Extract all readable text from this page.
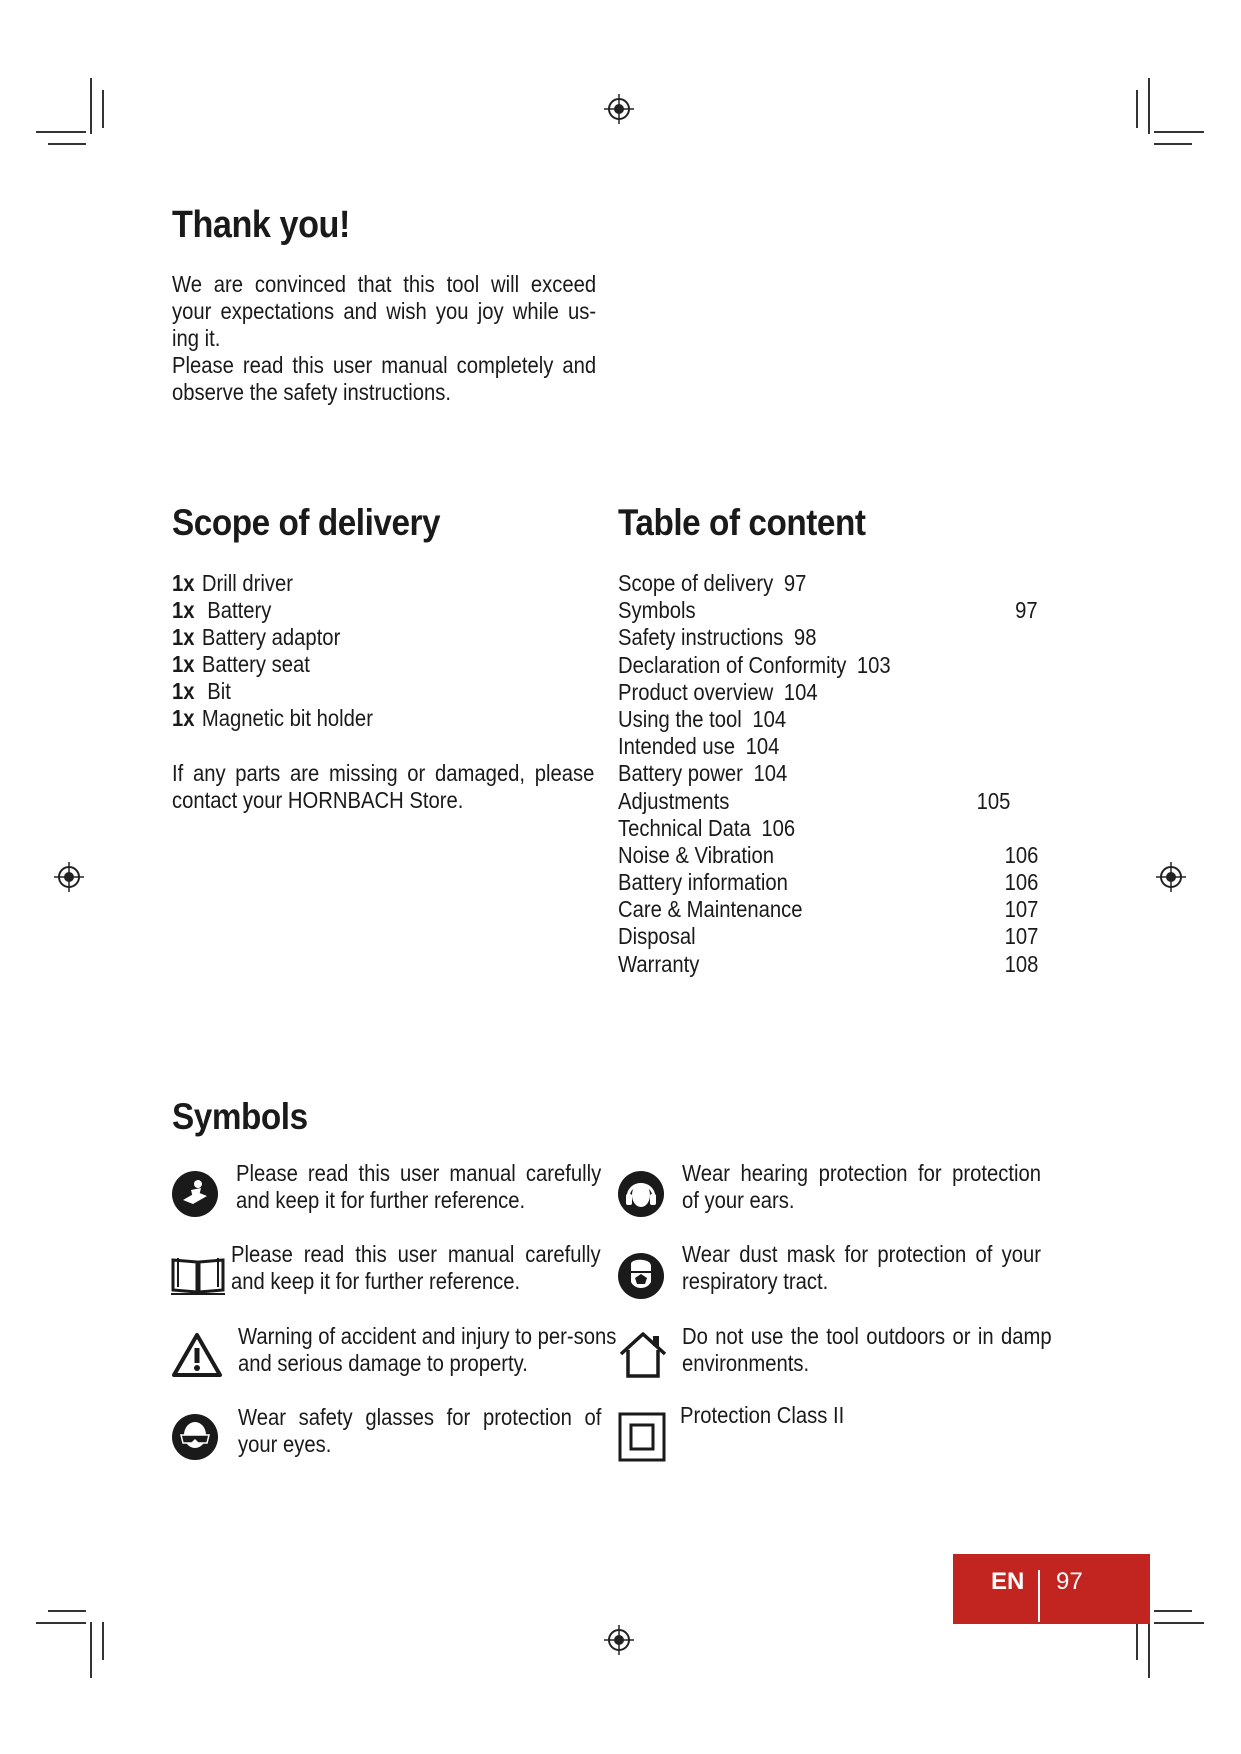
Thank you!

We are convinced that this tool will exceed your expectations and wish you joy while us-ing it.

Please read this user manual completely and observe the safety instructions.

Scope of delivery
1x Drill driver
1x Battery
1x Battery adaptor
1x Battery seat
1x Bit
1x Magnetic bit holder
If any parts are missing or damaged, please contact your HORNBACH Store.
Table of content
Scope of delivery 97
Symbols	97
Safety instructions 98
Declaration of Conformity 103
Product overview 104
Using the tool 104
Intended use 104
Battery power 104
Adjustments	105
Technical Data 106
Noise & Vibration	106
Battery information	106
Care & Maintenance	107
Disposal	107
Warranty	108
Symbols
Please read this user manual carefully and keep it for further reference.
Wear hearing protection for protection of your ears.
Please read this user manual carefully and keep it for further reference.
Wear dust mask for protection of your respiratory tract.
Warning of accident and injury to per-sons and serious damage to property.
Do not use the tool outdoors or in damp environments.
Wear safety glasses for protection of your eyes.
Protection Class II
EN 97
